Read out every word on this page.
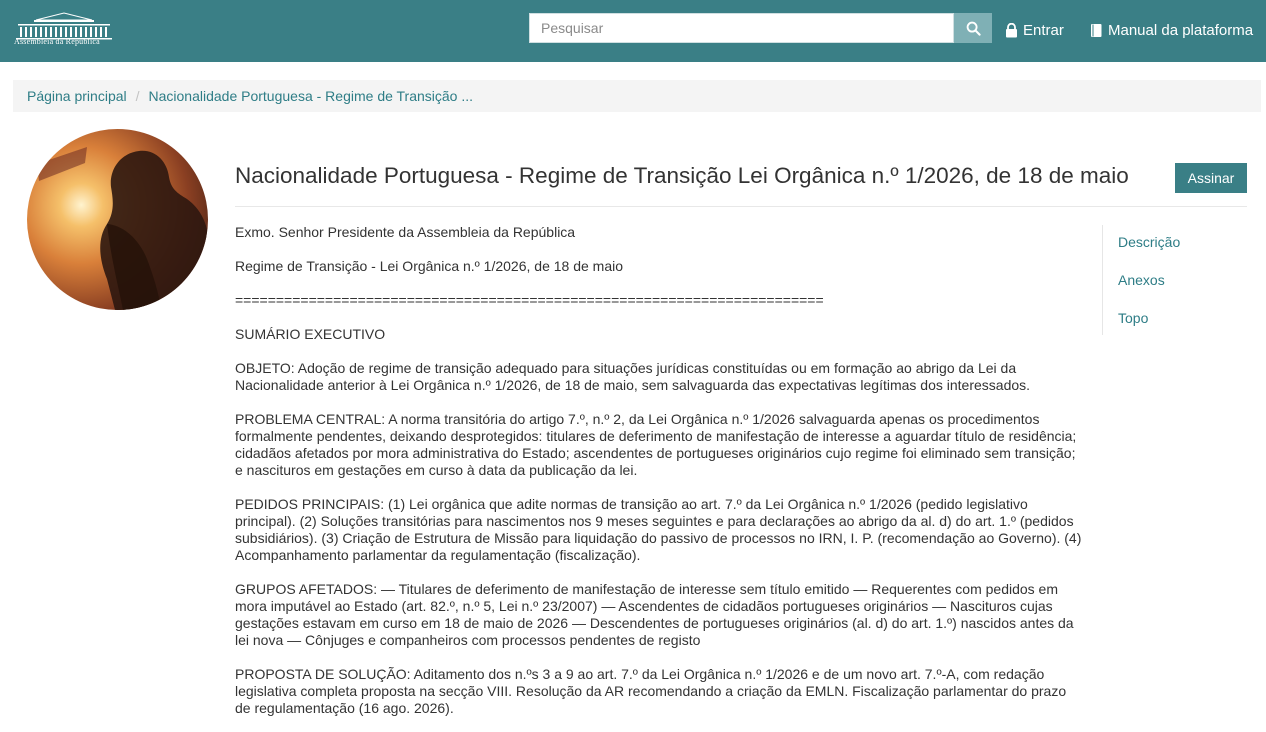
Assembleia da República
Pesquisar
Entrar	Manual da plataforma
Página principal / Nacionalidade Portuguesa - Regime de Transição ...
Nacionalidade Portuguesa - Regime de Transição Lei Orgânica n.º 1/2026, de 18 de maio	Assinar
Descrição
Anexos
Topo

Exmo. Senhor Presidente da Assembleia da República

Regime de Transição - Lei Orgânica n.º 1/2026, de 18 de maio

========================================================================

SUMÁRIO EXECUTIVO

OBJETO: Adoção de regime de transição adequado para situações jurídicas constituídas ou em formação ao abrigo da Lei da Nacionalidade anterior à Lei Orgânica n.º 1/2026, de 18 de maio, sem salvaguarda das expectativas legítimas dos interessados.

PROBLEMA CENTRAL: A norma transitória do artigo 7.º, n.º 2, da Lei Orgânica n.º 1/2026 salvaguarda apenas os procedimentos formalmente pendentes, deixando desprotegidos: titulares de deferimento de manifestação de interesse a aguardar título de residência; cidadãos afetados por mora administrativa do Estado; ascendentes de portugueses originários cujo regime foi eliminado sem transição; e nascituros em gestações em curso à data da publicação da lei.

PEDIDOS PRINCIPAIS: (1) Lei orgânica que adite normas de transição ao art. 7.º da Lei Orgânica n.º 1/2026 (pedido legislativo principal). (2) Soluções transitórias para nascimentos nos 9 meses seguintes e para declarações ao abrigo da al. d) do art. 1.º (pedidos subsidiários). (3) Criação de Estrutura de Missão para liquidação do passivo de processos no IRN, I. P. (recomendação ao Governo). (4) Acompanhamento parlamentar da regulamentação (fiscalização).

GRUPOS AFETADOS: — Titulares de deferimento de manifestação de interesse sem título emitido — Requerentes com pedidos em mora imputável ao Estado (art. 82.º, n.º 5, Lei n.º 23/2007) — Ascendentes de cidadãos portugueses originários — Nascituros cujas gestações estavam em curso em 18 de maio de 2026 — Descendentes de portugueses originários (al. d) do art. 1.º) nascidos antes da lei nova — Cônjuges e companheiros com processos pendentes de registo

PROPOSTA DE SOLUÇÃO: Aditamento dos n.ºs 3 a 9 ao art. 7.º da Lei Orgânica n.º 1/2026 e de um novo art. 7.º-A, com redação legislativa completa proposta na secção VIII. Resolução da AR recomendando a criação da EMLN. Fiscalização parlamentar do prazo de regulamentação (16 ago. 2026).
